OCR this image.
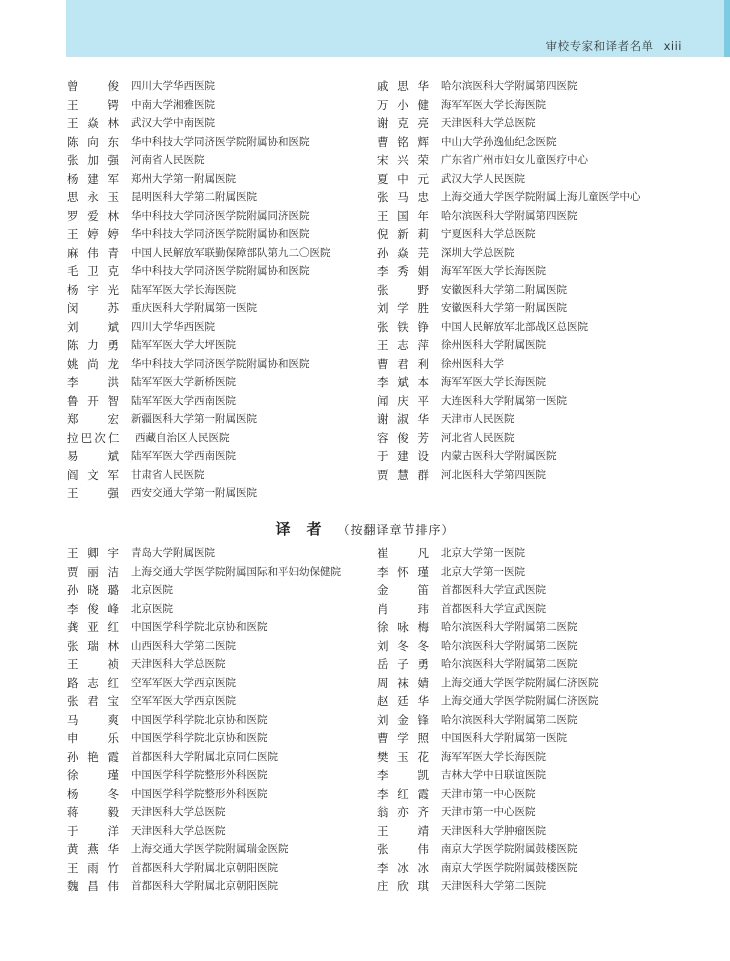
审校专家和译者名单 xiii
曾　俊 四川大学华西医院
王　锷 中南大学湘雅医院
王焱林 武汉大学中南医院
陈向东 华中科技大学同济医学院附属协和医院
张加强 河南省人民医院
杨建军 郑州大学第一附属医院
思永玉 昆明医科大学第二附属医院
罗爱林 华中科技大学同济医学院附属同济医院
王婷婷 华中科技大学同济医学院附属协和医院
麻伟青 中国人民解放军联勤保障部队第九二〇医院
毛卫克 华中科技大学同济医学院附属协和医院
杨宇光 陆军军医大学长海医院
闵　苏 重庆医科大学附属第一医院
刘　斌 四川大学华西医院
陈力勇 陆军军医大学大坪医院
姚尚龙 华中科技大学同济医学院附属协和医院
李　洪 陆军军医大学新桥医院
鲁开智 陆军军医大学西南医院
郑　宏 新疆医科大学第一附属医院
拉巴次仁 西藏自治区人民医院
易　斌 陆军军医大学西南医院
阎文军 甘肃省人民医院
王　强 西安交通大学第一附属医院
戚思华 哈尔滨医科大学附属第四医院
万小健 海军军医大学长海医院
谢克亮 天津医科大学总医院
曹铭辉 中山大学孙逸仙纪念医院
宋兴荣 广东省广州市妇女儿童医疗中心
夏中元 武汉大学人民医院
张马忠 上海交通大学医学院附属上海儿童医学中心
王国年 哈尔滨医科大学附属第四医院
倪新莉 宁夏医科大学总医院
孙焱芫 深圳大学总医院
李秀娟 海军军医大学长海医院
张　野 安徽医科大学第二附属医院
刘学胜 安徽医科大学第一附属医院
张铁铮 中国人民解放军北部战区总医院
王志萍 徐州医科大学附属医院
曹君利 徐州医科大学
李斌本 海军军医大学长海医院
闻庆平 大连医科大学附属第一医院
谢淑华 天津市人民医院
容俊芳 河北省人民医院
于建设 内蒙古医科大学附属医院
贾慧群 河北医科大学第四医院
译者（按翻译章节排序）
王卿宇 青岛大学附属医院
贾丽洁 上海交通大学医学院附属国际和平妇幼保健院
孙晓璐 北京医院
李俊峰 北京医院
龚亚红 中国医学科学院北京协和医院
张瑞林 山西医科大学第二医院
王　祯 天津医科大学总医院
路志红 空军军医大学西京医院
张君宝 空军军医大学西京医院
马　爽 中国医学科学院北京协和医院
申　乐 中国医学科学院北京协和医院
孙艳霞 首都医科大学附属北京同仁医院
徐　瑾 中国医学科学院整形外科医院
杨　冬 中国医学科学院整形外科医院
蒋　毅 天津医科大学总医院
于　洋 天津医科大学总医院
黄燕华 上海交通大学医学院附属瑞金医院
王雨竹 首都医科大学附属北京朝阳医院
魏昌伟 首都医科大学附属北京朝阳医院
崔　凡 北京大学第一医院
李怀瑾 北京大学第一医院
金　笛 首都医科大学宣武医院
肖　玮 首都医科大学宣武医院
徐咏梅 哈尔滨医科大学附属第二医院
刘冬冬 哈尔滨医科大学附属第二医院
岳子勇 哈尔滨医科大学附属第二医院
周袜婧 上海交通大学医学院附属仁济医院
赵廷华 上海交通大学医学院附属仁济医院
刘金锋 哈尔滨医科大学附属第二医院
曹学照 中国医科大学附属第一医院
樊玉花 海军军医大学长海医院
李　凯 吉林大学中日联谊医院
李红霞 天津市第一中心医院
翁亦齐 天津市第一中心医院
王　靖 天津医科大学肿瘤医院
张　伟 南京大学医学院附属鼓楼医院
李冰冰 南京大学医学院附属鼓楼医院
庄欣琪 天津医科大学第二医院
